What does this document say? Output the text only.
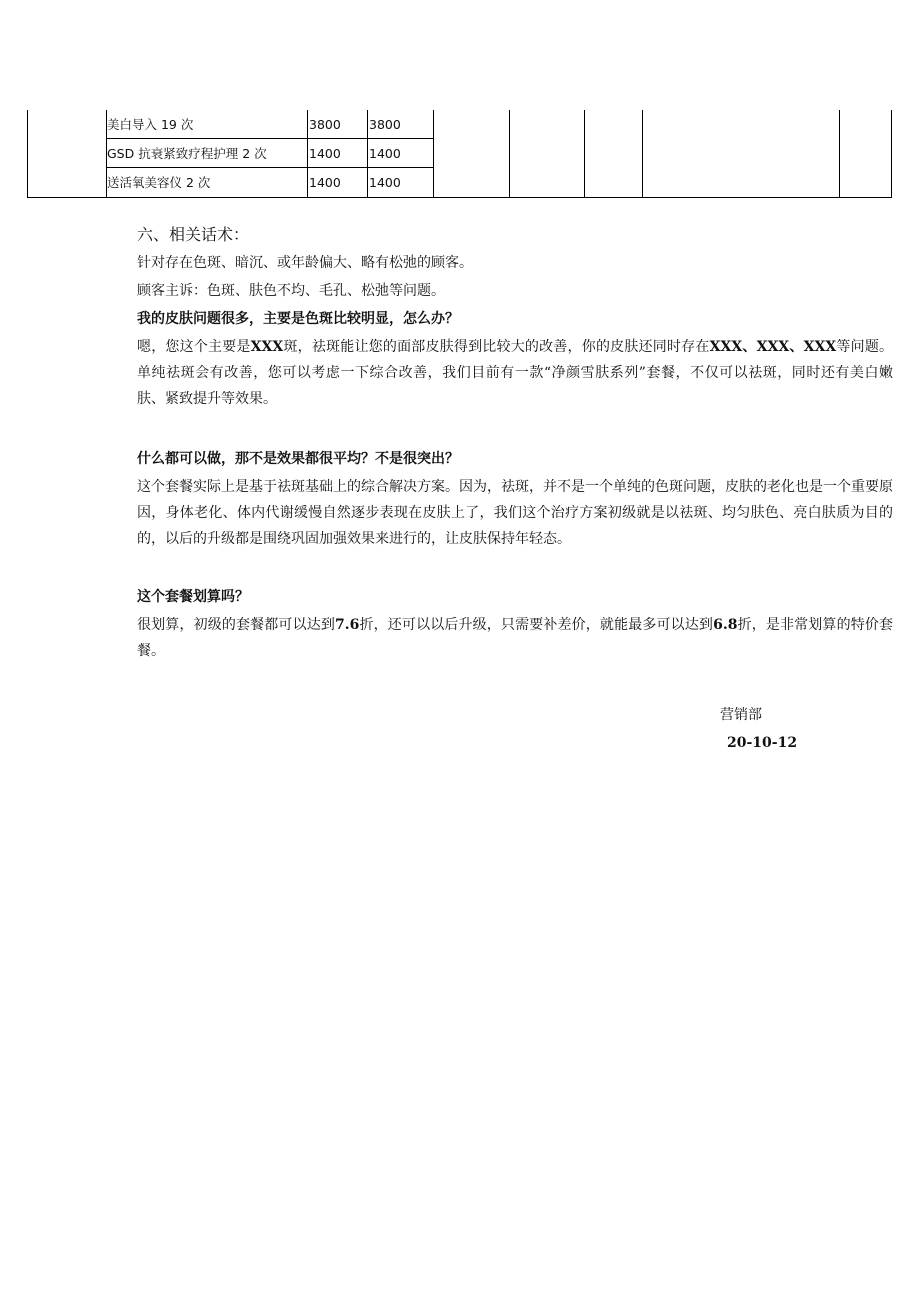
美白导入 19 次	3800 3800
GSD 抗衰紧致疗程护理 2 次	1400 1400
送活氧美容仪 2 次	1400 1400
六、相关话术：
针对存在色斑、暗沉、或年龄偏大、略有松弛的顾客。
顾客主诉：色斑、肤色不均、毛孔、松弛等问题。
我的皮肤问题很多，主要是色斑比较明显，怎么办？
嗯，您这个主要是XXX斑，祛斑能让您的面部皮肤得到比较大的改善，你的皮肤还同时存在XXX、XXX、XXX等问题。单纯祛斑会有改善，您可以考虑一下综合改善，我们目前有一款“净颜雪肤系列”套餐，不仅可以祛斑，同时还有美白嫩肤、紧致提升等效果。
什么都可以做，那不是效果都很平均？不是很突出？
这个套餐实际上是基于祛斑基础上的综合解决方案。因为，祛斑，并不是一个单纯的色斑问题，皮肤的老化也是一个重要原因，身体老化、体内代谢缓慢自然逐步表现在皮肤上了，我们这个治疗方案初级就是以祛斑、均匀肤色、亮白肤质为目的的，以后的升级都是围绕巩固加强效果来进行的，让皮肤保持年轻态。
这个套餐划算吗？
很划算，初级的套餐都可以达到7.6折，还可以以后升级，只需要补差价，就能最多可以达到6.8折，是非常划算的特价套餐。
营销部
20-10-12
